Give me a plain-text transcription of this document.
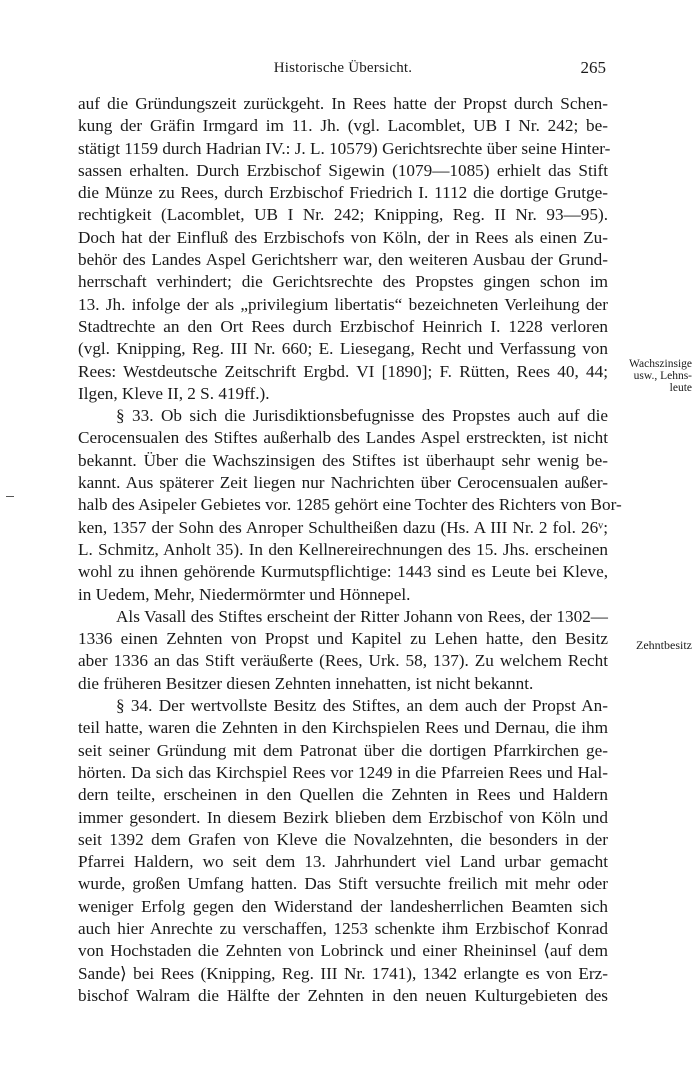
Historische Übersicht.	265
auf die Gründungszeit zurückgeht. In Rees hatte der Propst durch Schen-
kung der Gräfin Irmgard im 11. Jh. (vgl. Lacomblet, UB I Nr. 242; be-
stätigt 1159 durch Hadrian IV.: J. L. 10579) Gerichtsrechte über seine Hinter-
sassen erhalten. Durch Erzbischof Sigewin (1079—1085) erhielt das Stift
die Münze zu Rees, durch Erzbischof Friedrich I. 1112 die dortige Grutge-
rechtigkeit (Lacomblet, UB I Nr. 242; Knipping, Reg. II Nr. 93—95).
Doch hat der Einfluß des Erzbischofs von Köln, der in Rees als einen Zu-
behör des Landes Aspel Gerichtsherr war, den weiteren Ausbau der Grund-
herrschaft verhindert; die Gerichtsrechte des Propstes gingen schon im
13. Jh. infolge der als „privilegium libertatis“ bezeichneten Verleihung der
Stadtrechte an den Ort Rees durch Erzbischof Heinrich I. 1228 verloren
(vgl. Knipping, Reg. III Nr. 660; E. Liesegang, Recht und Verfassung von
Rees: Westdeutsche Zeitschrift Ergbd. VI [1890]; F. Rütten, Rees 40, 44;
Ilgen, Kleve II, 2 S. 419ff.).
§ 33. Ob sich die Jurisdiktionsbefugnisse des Propstes auch auf die
Cerocensualen des Stiftes außerhalb des Landes Aspel erstreckten, ist nicht
bekannt. Über die Wachszinsigen des Stiftes ist überhaupt sehr wenig be-
kannt. Aus späterer Zeit liegen nur Nachrichten über Cerocensualen außer-
halb des Asipeler Gebietes vor. 1285 gehört eine Tochter des Richters von Bor-
ken, 1357 der Sohn des Anroper Schultheißen dazu (Hs. A III Nr. 2 fol. 26ᵛ;
L. Schmitz, Anholt 35). In den Kellnereirechnungen des 15. Jhs. erscheinen
wohl zu ihnen gehörende Kurmutspflichtige: 1443 sind es Leute bei Kleve,
in Uedem, Mehr, Niedermörmter und Hönnepel.
Als Vasall des Stiftes erscheint der Ritter Johann von Rees, der 1302—
1336 einen Zehnten von Propst und Kapitel zu Lehen hatte, den Besitz
aber 1336 an das Stift veräußerte (Rees, Urk. 58, 137). Zu welchem Recht
die früheren Besitzer diesen Zehnten innehatten, ist nicht bekannt.
§ 34. Der wertvollste Besitz des Stiftes, an dem auch der Propst An-
teil hatte, waren die Zehnten in den Kirchspielen Rees und Dernau, die ihm
seit seiner Gründung mit dem Patronat über die dortigen Pfarrkirchen ge-
hörten. Da sich das Kirchspiel Rees vor 1249 in die Pfarreien Rees und Hal-
dern teilte, erscheinen in den Quellen die Zehnten in Rees und Haldern
immer gesondert. In diesem Bezirk blieben dem Erzbischof von Köln und
seit 1392 dem Grafen von Kleve die Novalzehnten, die besonders in der
Pfarrei Haldern, wo seit dem 13. Jahrhundert viel Land urbar gemacht
wurde, großen Umfang hatten. Das Stift versuchte freilich mit mehr oder
weniger Erfolg gegen den Widerstand der landesherrlichen Beamten sich
auch hier Anrechte zu verschaffen, 1253 schenkte ihm Erzbischof Konrad
von Hochstaden die Zehnten von Lobrinck und einer Rheininsel ⟨auf dem
Sande⟩ bei Rees (Knipping, Reg. III Nr. 1741), 1342 erlangte es von Erz-
bischof Walram die Hälfte der Zehnten in den neuen Kulturgebieten des
Wachszinsige
usw., Lehns-
leute
Zehntbesitz
